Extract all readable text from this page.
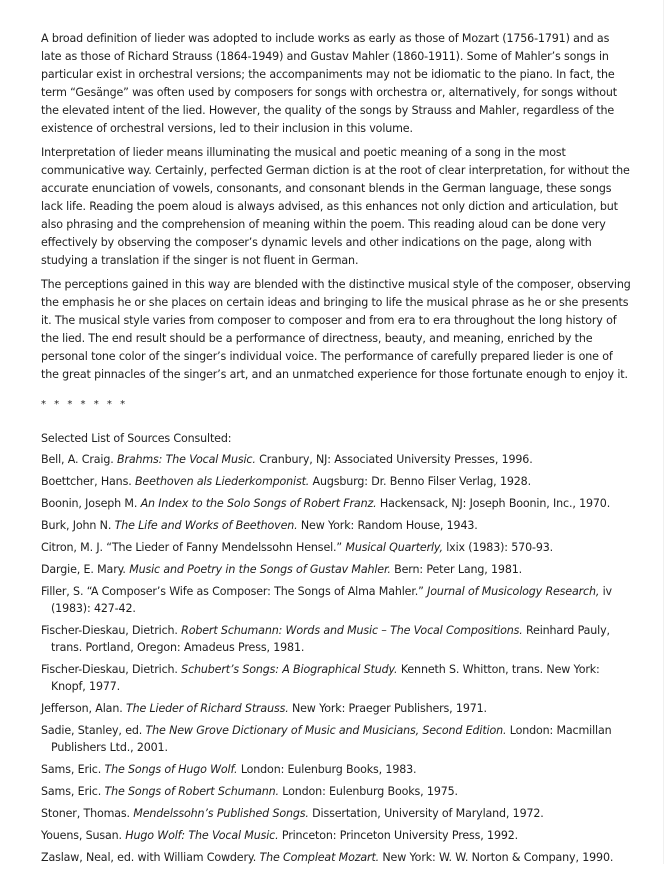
A broad definition of lieder was adopted to include works as early as those of Mozart (1756-1791) and as late as those of Richard Strauss (1864-1949) and Gustav Mahler (1860-1911). Some of Mahler’s songs in particular exist in orchestral versions; the accompaniments may not be idiomatic to the piano. In fact, the term “Gesänge” was often used by composers for songs with orchestra or, alternatively, for songs without the elevated intent of the lied. However, the quality of the songs by Strauss and Mahler, regardless of the existence of orchestral versions, led to their inclusion in this volume.

Interpretation of lieder means illuminating the musical and poetic meaning of a song in the most communicative way. Certainly, perfected German diction is at the root of clear interpretation, for without the accurate enunciation of vowels, consonants, and consonant blends in the German language, these songs lack life. Reading the poem aloud is always advised, as this enhances not only diction and articulation, but also phrasing and the comprehension of meaning within the poem. This reading aloud can be done very effectively by observing the composer’s dynamic levels and other indications on the page, along with studying a translation if the singer is not fluent in German.

The perceptions gained in this way are blended with the distinctive musical style of the composer, observing the emphasis he or she places on certain ideas and bringing to life the musical phrase as he or she presents it. The musical style varies from composer to composer and from era to era throughout the long history of the lied. The end result should be a performance of directness, beauty, and meaning, enriched by the personal tone color of the singer’s individual voice. The performance of carefully prepared lieder is one of the great pinnacles of the singer’s art, and an unmatched experience for those fortunate enough to enjoy it.

* * * * * * *
Selected List of Sources Consulted:
Bell, A. Craig. Brahms: The Vocal Music. Cranbury, NJ: Associated University Presses, 1996.
Boettcher, Hans. Beethoven als Liederkomponist. Augsburg: Dr. Benno Filser Verlag, 1928.
Boonin, Joseph M. An Index to the Solo Songs of Robert Franz. Hackensack, NJ: Joseph Boonin, Inc., 1970.
Burk, John N. The Life and Works of Beethoven. New York: Random House, 1943.
Citron, M. J. “The Lieder of Fanny Mendelssohn Hensel.” Musical Quarterly, lxix (1983): 570-93.
Dargie, E. Mary. Music and Poetry in the Songs of Gustav Mahler. Bern: Peter Lang, 1981.
Filler, S. “A Composer’s Wife as Composer: The Songs of Alma Mahler.” Journal of Musicology Research, iv (1983): 427-42.
Fischer-Dieskau, Dietrich. Robert Schumann: Words and Music – The Vocal Compositions. Reinhard Pauly, trans. Portland, Oregon: Amadeus Press, 1981.
Fischer-Dieskau, Dietrich. Schubert’s Songs: A Biographical Study. Kenneth S. Whitton, trans. New York: Knopf, 1977.
Jefferson, Alan. The Lieder of Richard Strauss. New York: Praeger Publishers, 1971.
Sadie, Stanley, ed. The New Grove Dictionary of Music and Musicians, Second Edition. London: Macmillan Publishers Ltd., 2001.
Sams, Eric. The Songs of Hugo Wolf. London: Eulenburg Books, 1983.
Sams, Eric. The Songs of Robert Schumann. London: Eulenburg Books, 1975.
Stoner, Thomas. Mendelssohn’s Published Songs. Dissertation, University of Maryland, 1972.
Youens, Susan. Hugo Wolf: The Vocal Music. Princeton: Princeton University Press, 1992.
Zaslaw, Neal, ed. with William Cowdery. The Compleat Mozart. New York: W. W. Norton & Company, 1990.
